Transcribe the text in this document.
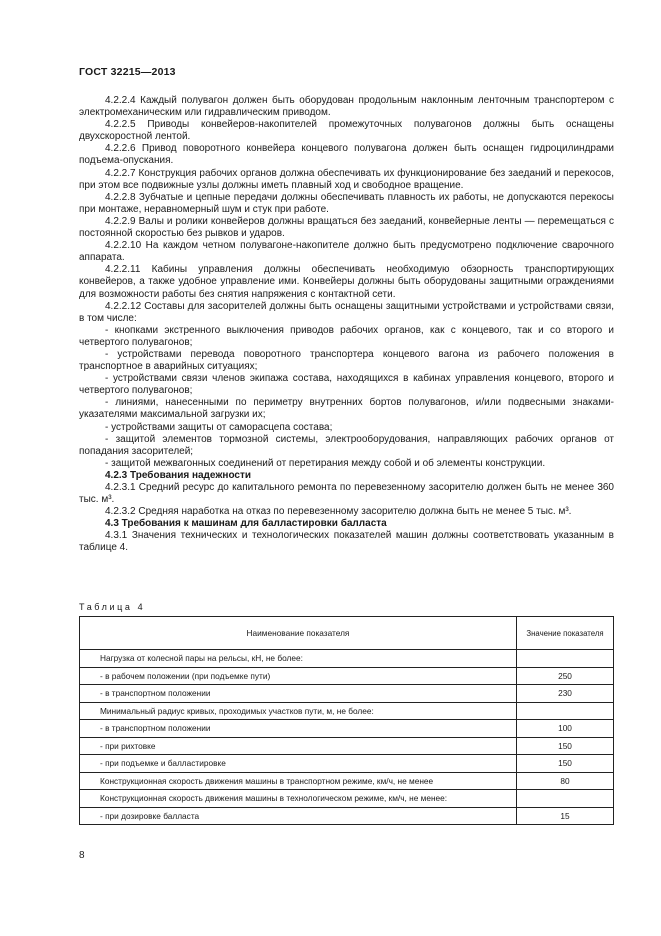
ГОСТ 32215—2013

4.2.2.4 Каждый полувагон должен быть оборудован продольным наклонным ленточным транспортером с электромеханическим или гидравлическим приводом.

4.2.2.5 Приводы конвейеров-накопителей промежуточных полувагонов должны быть оснащены двухскоростной лентой.

4.2.2.6 Привод поворотного конвейера концевого полувагона должен быть оснащен гидроцилиндрами подъема-опускания.

4.2.2.7 Конструкция рабочих органов должна обеспечивать их функционирование без заеданий и перекосов, при этом все подвижные узлы должны иметь плавный ход и свободное вращение.

4.2.2.8 Зубчатые и цепные передачи должны обеспечивать плавность их работы, не допускаются перекосы при монтаже, неравномерный шум и стук при работе.

4.2.2.9 Валы и ролики конвейеров должны вращаться без заеданий, конвейерные ленты — перемещаться с постоянной скоростью без рывков и ударов.

4.2.2.10 На каждом четном полувагоне-накопителе должно быть предусмотрено подключение сварочного аппарата.

4.2.2.11 Кабины управления должны обеспечивать необходимую обзорность транспортирующих конвейеров, а также удобное управление ими. Конвейеры должны быть оборудованы защитными ограждениями для возможности работы без снятия напряжения с контактной сети.

4.2.2.12 Составы для засорителей должны быть оснащены защитными устройствами и устройствами связи, в том числе:

- кнопками экстренного выключения приводов рабочих органов, как с концевого, так и со второго и четвертого полувагонов;

- устройствами перевода поворотного транспортера концевого вагона из рабочего положения в транспортное в аварийных ситуациях;

- устройствами связи членов экипажа состава, находящихся в кабинах управления концевого, второго и четвертого полувагонов;

- линиями, нанесенными по периметру внутренних бортов полувагонов, и/или подвесными знаками-указателями максимальной загрузки их;

- устройствами защиты от саморасцепа состава;

- защитой элементов тормозной системы, электрооборудования, направляющих рабочих органов от попадания засорителей;

- защитой межвагонных соединений от перетирания между собой и об элементы конструкции.

4.2.3 Требования надежности

4.2.3.1 Средний ресурс до капитального ремонта по перевезенному засорителю должен быть не менее 360 тыс. м³.

4.2.3.2 Средняя наработка на отказ по перевезенному засорителю должна быть не менее 5 тыс. м³.

4.3 Требования к машинам для балластировки балласта

4.3.1 Значения технических и технологических показателей машин должны соответствовать указанным в таблице 4.

Таблица 4
Наименование показателя	Значение показателя
Нагрузка от колесной пары на рельсы, кН, не более:	
- в рабочем положении (при подъемке пути)	250
- в транспортном положении	230
Минимальный радиус кривых, проходимых участков пути, м, не более:	
- в транспортном положении	100
- при рихтовке	150
- при подъемке и балластировке	150
Конструкционная скорость движения машины в транспортном режиме, км/ч, не менее	80
Конструкционная скорость движения машины в технологическом режиме, км/ч, не менее:	
- при дозировке балласта	15
8
